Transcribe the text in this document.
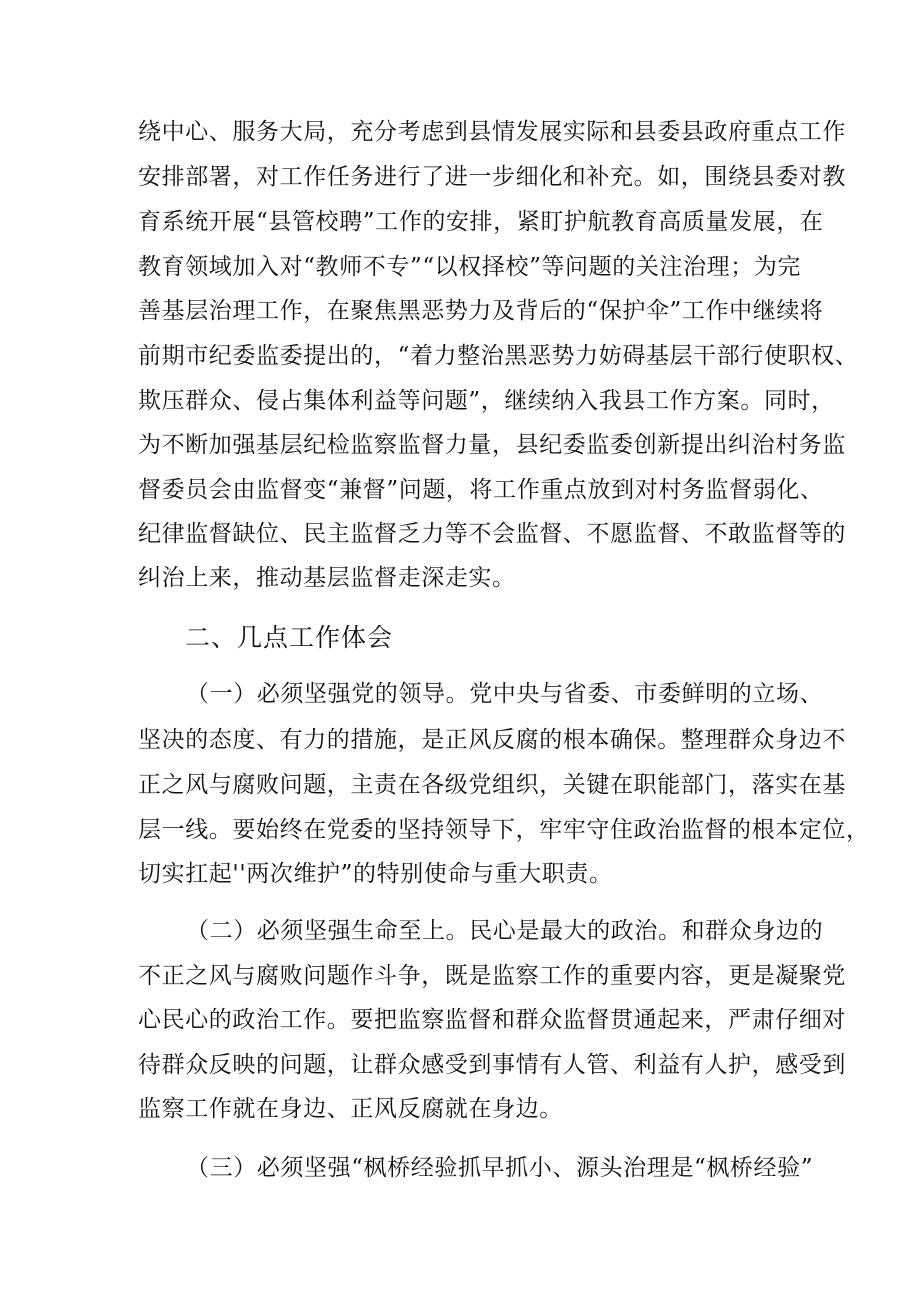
绕中心、服务大局，充分考虑到县情发展实际和县委县政府重点工作
安排部署，对工作任务进行了进一步细化和补充。如，围绕县委对教
育系统开展“县管校聘”工作的安排，紧盯护航教育高质量发展，在
教育领域加入对“教师不专”“以权择校”等问题的关注治理；为完
善基层治理工作，在聚焦黑恶势力及背后的“保护伞”工作中继续将
前期市纪委监委提出的，“着力整治黑恶势力妨碍基层干部行使职权、
欺压群众、侵占集体利益等问题”，继续纳入我县工作方案。同时，
为不断加强基层纪检监察监督力量，县纪委监委创新提出纠治村务监
督委员会由监督变“兼督”问题，将工作重点放到对村务监督弱化、
纪律监督缺位、民主监督乏力等不会监督、不愿监督、不敢监督等的
纠治上来，推动基层监督走深走实。
二、几点工作体会
（一）必须坚强党的领导。党中央与省委、市委鲜明的立场、
坚决的态度、有力的措施，是正风反腐的根本确保。整理群众身边不
正之风与腐败问题，主责在各级党组织，关键在职能部门，落实在基
层一线。要始终在党委的坚持领导下，牢牢守住政治监督的根本定位，
切实扛起''两次维护”的特别使命与重大职责。
（二）必须坚强生命至上。民心是最大的政治。和群众身边的
不正之风与腐败问题作斗争，既是监察工作的重要内容，更是凝聚党
心民心的政治工作。要把监察监督和群众监督贯通起来，严肃仔细对
待群众反映的问题，让群众感受到事情有人管、利益有人护，感受到
监察工作就在身边、正风反腐就在身边。
（三）必须坚强“枫桥经验抓早抓小、源头治理是“枫桥经验”
